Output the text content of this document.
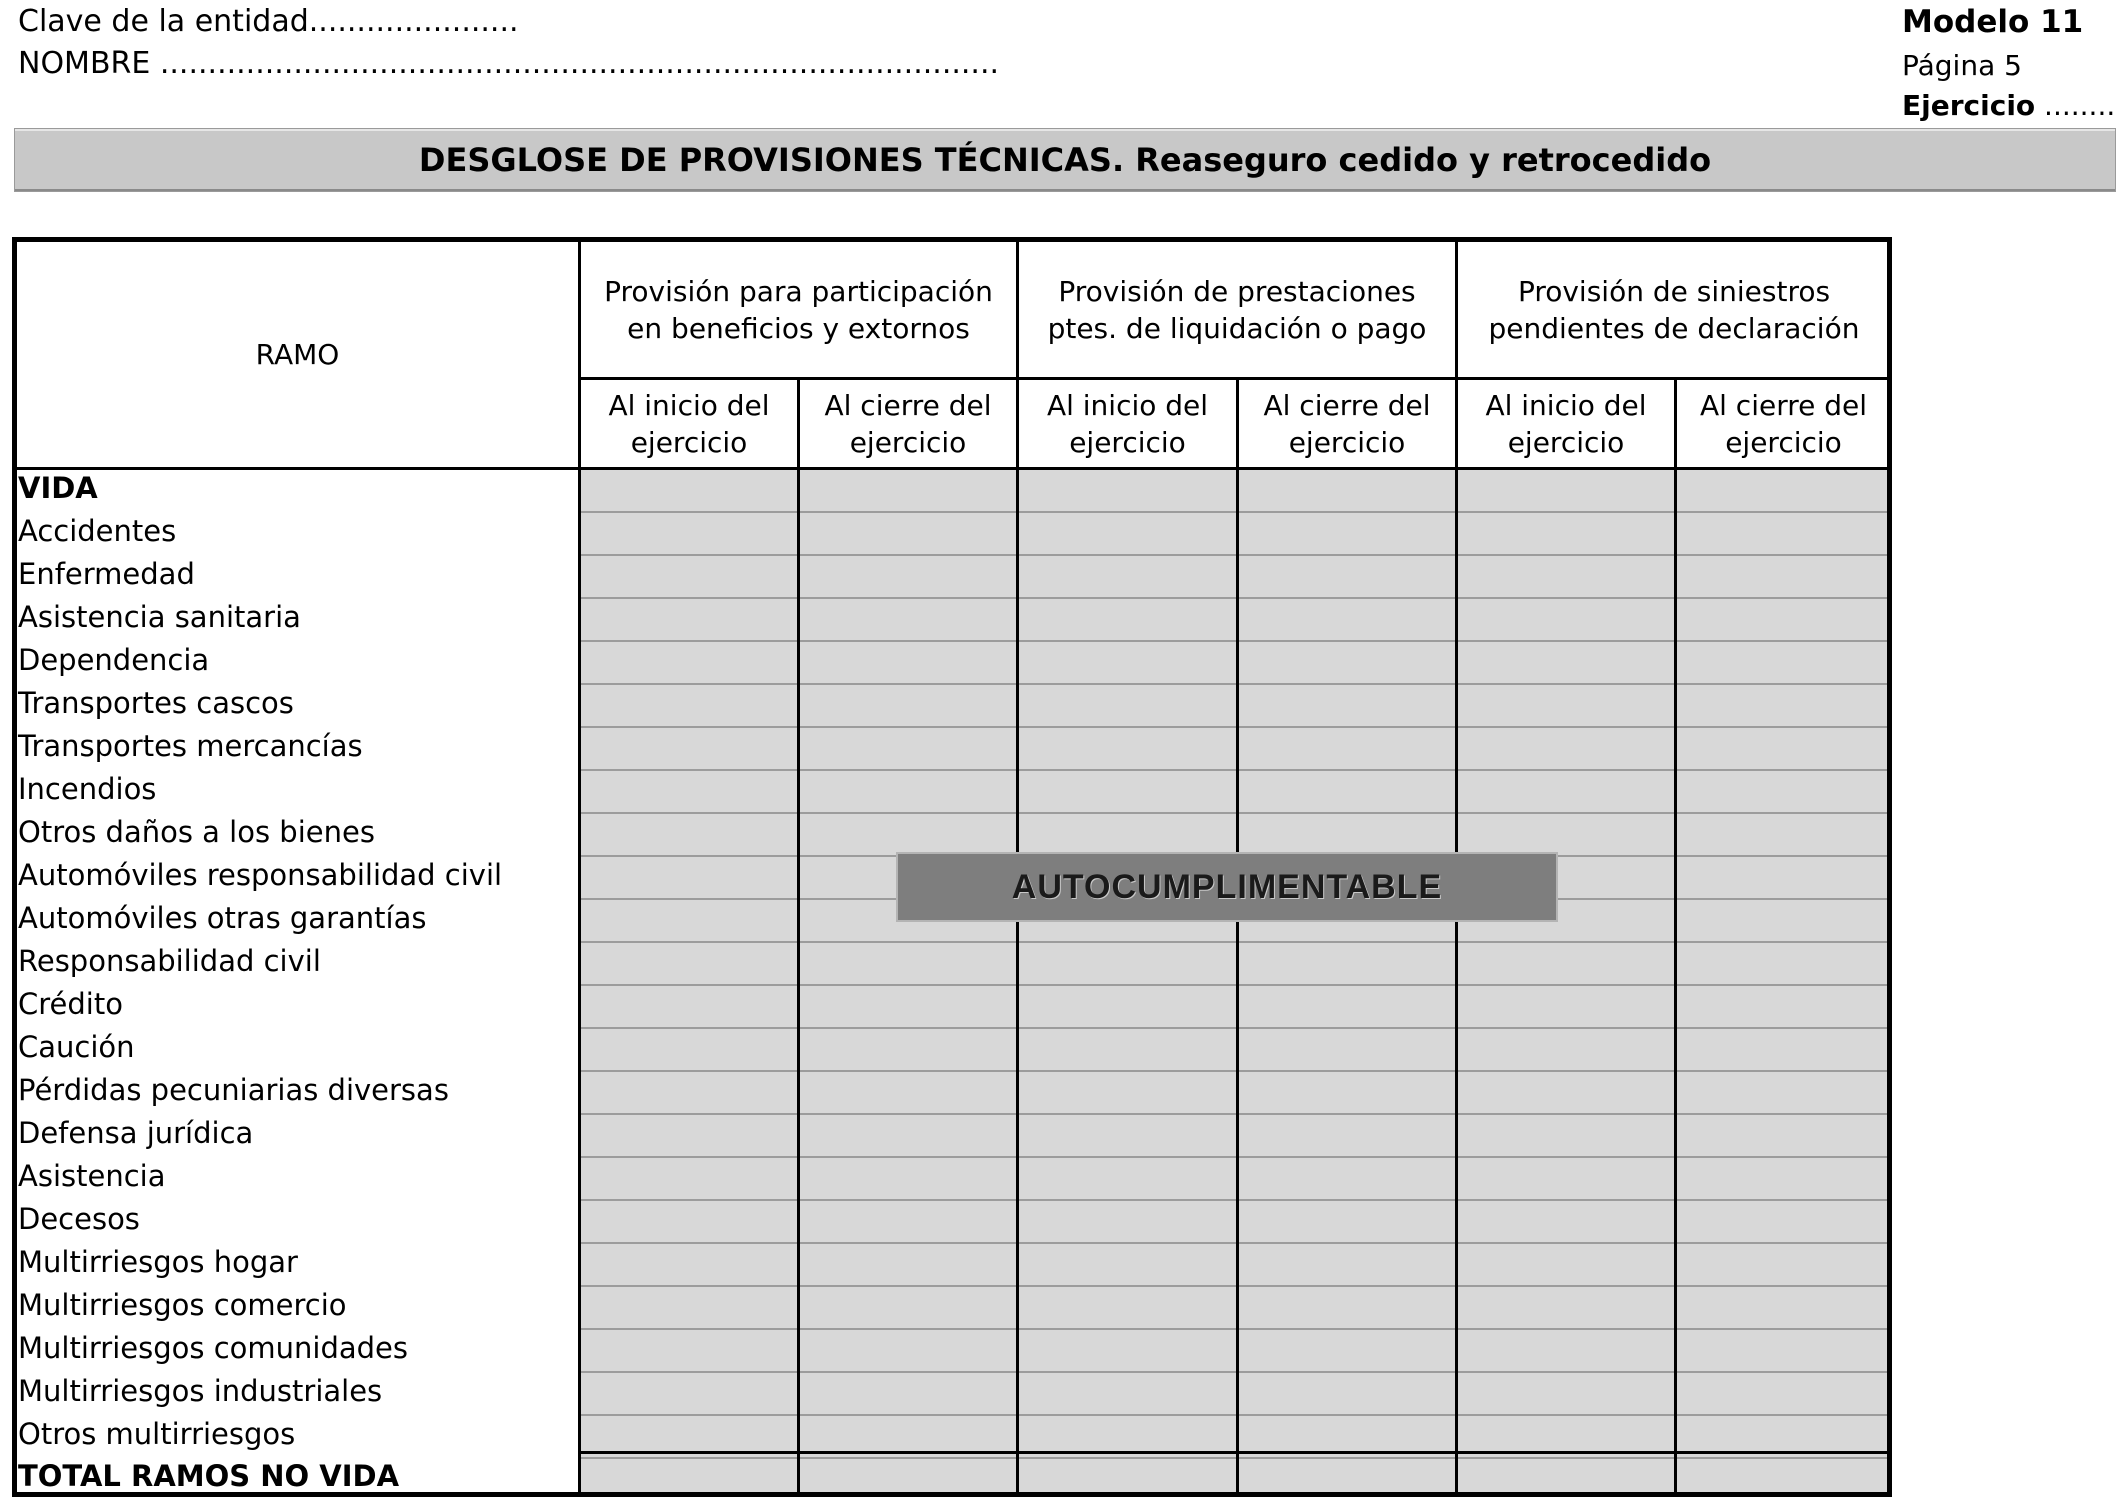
Clave de la entidad......................
NOMBRE ........................................................................................
Modelo 11
Página 5
Ejercicio ........
DESGLOSE DE PROVISIONES TÉCNICAS. Reaseguro cedido y retrocedido
RAMO
Provisión para participación
en beneficios y extornos
Provisión de prestaciones
ptes. de liquidación o pago
Provisión de siniestros
pendientes de declaración
Al inicio del
ejercicio
Al cierre del
ejercicio
Al inicio del
ejercicio
Al cierre del
ejercicio
Al inicio del
ejercicio
Al cierre del
ejercicio
VIDA
Accidentes
Enfermedad
Asistencia sanitaria
Dependencia
Transportes cascos
Transportes mercancías
Incendios
Otros daños a los bienes
Automóviles responsabilidad civil
Automóviles otras garantías
Responsabilidad civil
Crédito
Caución
Pérdidas pecuniarias diversas
Defensa jurídica
Asistencia
Decesos
Multirriesgos hogar
Multirriesgos comercio
Multirriesgos comunidades
Multirriesgos industriales
Otros multirriesgos
TOTAL RAMOS NO VIDA
AUTOCUMPLIMENTABLE
